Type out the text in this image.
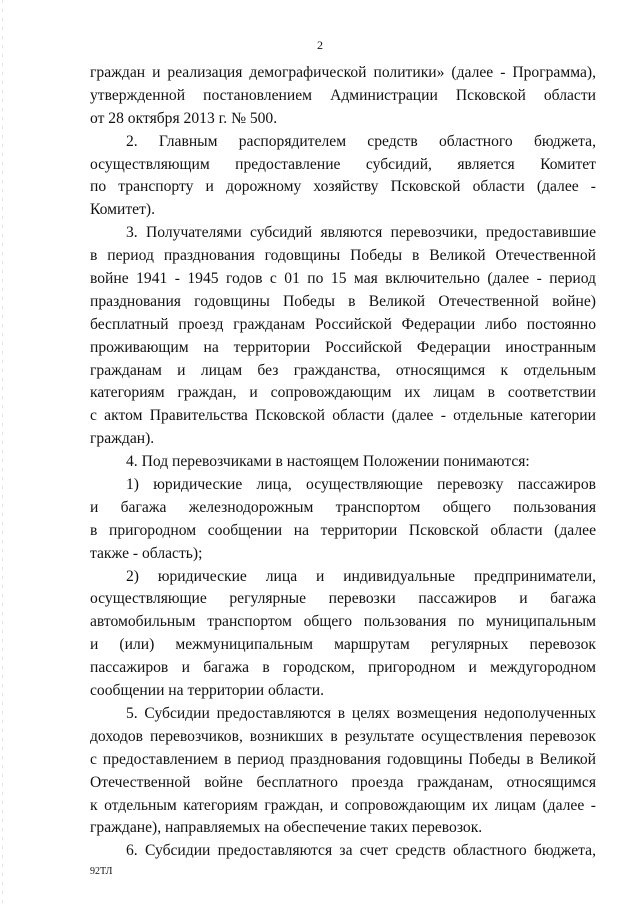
2
граждан и реализация демографической политики» (далее - Программа),
утвержденной постановлением Администрации Псковской области
от 28 октября 2013 г. № 500.
2. Главным распорядителем средств областного бюджета,
осуществляющим предоставление субсидий, является Комитет
по транспорту и дорожному хозяйству Псковской области (далее -
Комитет).
3. Получателями субсидий являются перевозчики, предоставившие
в период празднования годовщины Победы в Великой Отечественной
войне 1941 - 1945 годов с 01 по 15 мая включительно (далее - период
празднования годовщины Победы в Великой Отечественной войне)
бесплатный проезд гражданам Российской Федерации либо постоянно
проживающим на территории Российской Федерации иностранным
гражданам и лицам без гражданства, относящимся к отдельным
категориям граждан, и сопровождающим их лицам в соответствии
с актом Правительства Псковской области (далее - отдельные категории
граждан).
4. Под перевозчиками в настоящем Положении понимаются:
1) юридические лица, осуществляющие перевозку пассажиров
и багажа железнодорожным транспортом общего пользования
в пригородном сообщении на территории Псковской области (далее
также - область);
2) юридические лица и индивидуальные предприниматели,
осуществляющие регулярные перевозки пассажиров и багажа
автомобильным транспортом общего пользования по муниципальным
и (или) межмуниципальным маршрутам регулярных перевозок
пассажиров и багажа в городском, пригородном и междугородном
сообщении на территории области.
5. Субсидии предоставляются в целях возмещения недополученных
доходов перевозчиков, возникших в результате осуществления перевозок
с предоставлением в период празднования годовщины Победы в Великой
Отечественной войне бесплатного проезда гражданам, относящимся
к отдельным категориям граждан, и сопровождающим их лицам (далее -
граждане), направляемых на обеспечение таких перевозок.
6. Субсидии предоставляются за счет средств областного бюджета,
92ТЛ
